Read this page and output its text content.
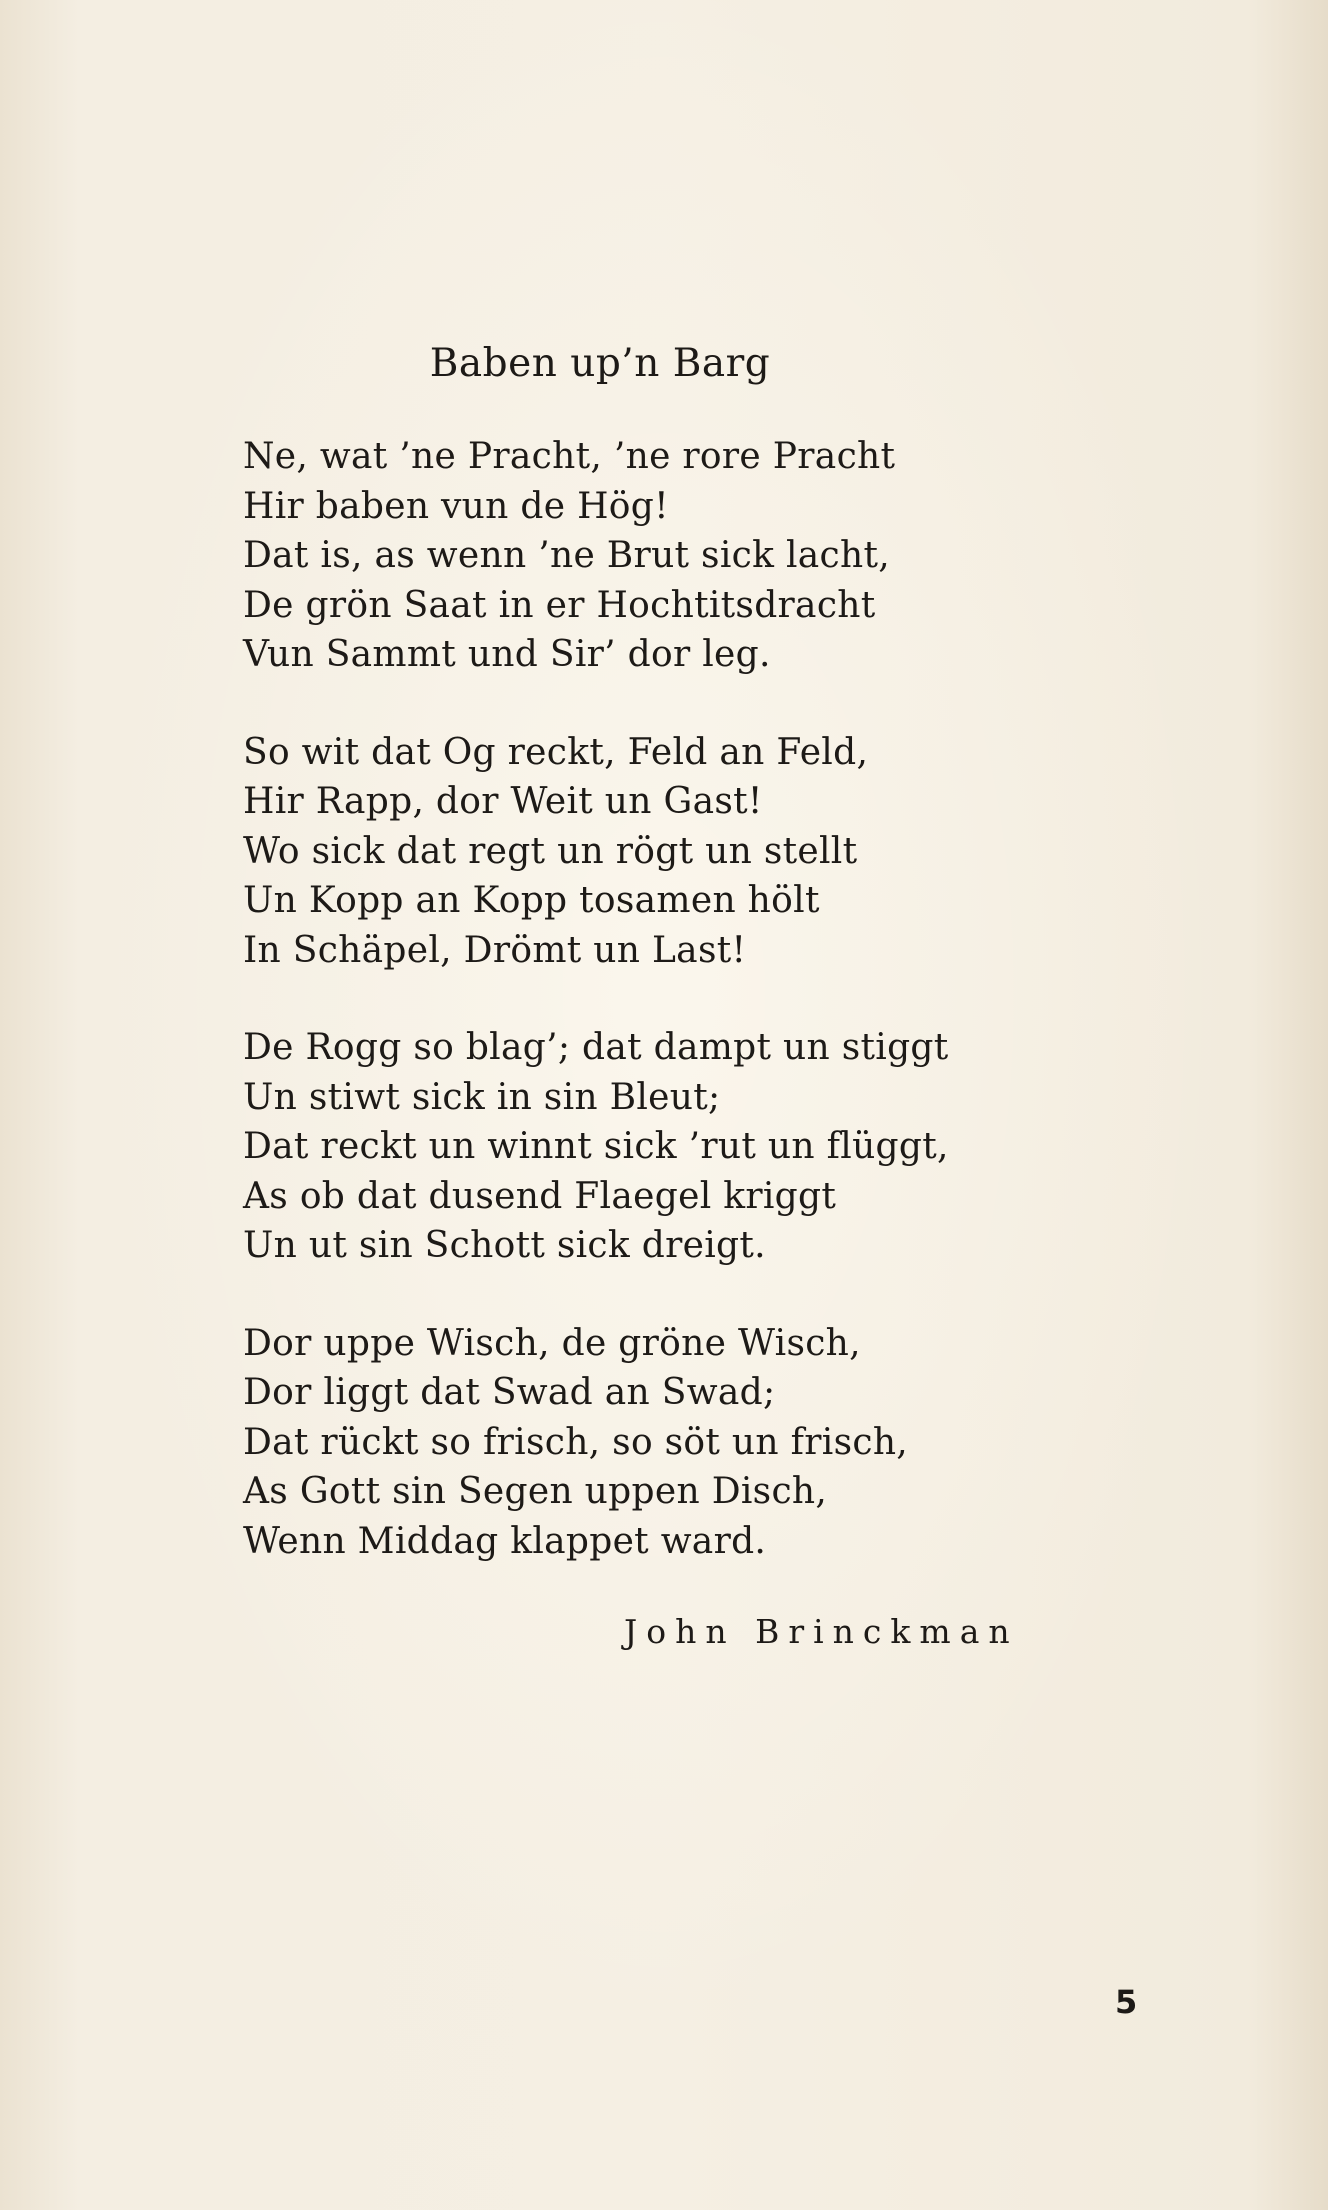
Baben up’n Barg
Ne, wat ’ne Pracht, ’ne rore Pracht
Hir baben vun de Hög!
Dat is, as wenn ’ne Brut sick lacht,
De grön Saat in er Hochtitsdracht
Vun Sammt und Sir’ dor leg.
So wit dat Og reckt, Feld an Feld,
Hir Rapp, dor Weit un Gast!
Wo sick dat regt un rögt un stellt
Un Kopp an Kopp tosamen hölt
In Schäpel, Drömt un Last!
De Rogg so blag’; dat dampt un stiggt
Un stiwt sick in sin Bleut;
Dat reckt un winnt sick ’rut un flüggt,
As ob dat dusend Flaegel kriggt
Un ut sin Schott sick dreigt.
Dor uppe Wisch, de gröne Wisch,
Dor liggt dat Swad an Swad;
Dat rückt so frisch, so söt un frisch,
As Gott sin Segen uppen Disch,
Wenn Middag klappet ward.
John Brinckman
5
